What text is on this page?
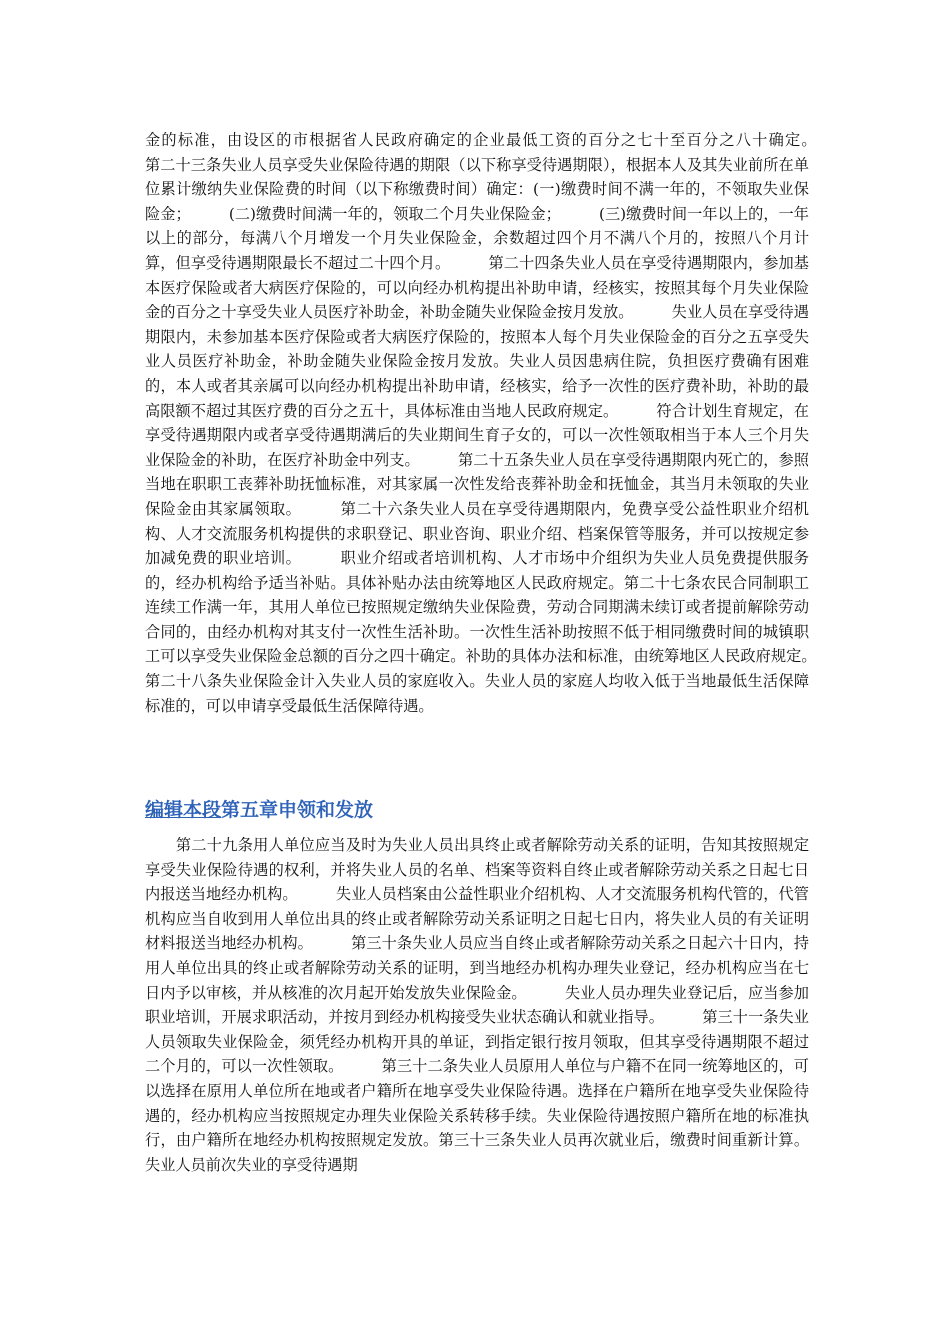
金的标准，由设区的市根据省人民政府确定的企业最低工资的百分之七十至百分之八十确定。　　　第二十三条失业人员享受失业保险待遇的期限（以下称享受待遇期限），根据本人及其失业前所在单位累计缴纳失业保险费的时间（以下称缴费时间）确定：(一)缴费时间不满一年的，不领取失业保险金；　　　(二)缴费时间满一年的，领取二个月失业保险金；　　　(三)缴费时间一年以上的，一年以上的部分，每满八个月增发一个月失业保险金，余数超过四个月不满八个月的，按照八个月计算，但享受待遇期限最长不超过二十四个月。　　　第二十四条失业人员在享受待遇期限内，参加基本医疗保险或者大病医疗保险的，可以向经办机构提出补助申请，经核实，按照其每个月失业保险金的百分之十享受失业人员医疗补助金，补助金随失业保险金按月发放。　　　失业人员在享受待遇期限内，未参加基本医疗保险或者大病医疗保险的，按照本人每个月失业保险金的百分之五享受失业人员医疗补助金，补助金随失业保险金按月发放。失业人员因患病住院，负担医疗费确有困难的，本人或者其亲属可以向经办机构提出补助申请，经核实，给予一次性的医疗费补助，补助的最高限额不超过其医疗费的百分之五十，具体标准由当地人民政府规定。　　　符合计划生育规定，在享受待遇期限内或者享受待遇期满后的失业期间生育子女的，可以一次性领取相当于本人三个月失业保险金的补助，在医疗补助金中列支。　　　第二十五条失业人员在享受待遇期限内死亡的，参照当地在职职工丧葬补助抚恤标准，对其家属一次性发给丧葬补助金和抚恤金，其当月未领取的失业保险金由其家属领取。　　　第二十六条失业人员在享受待遇期限内，免费享受公益性职业介绍机构、人才交流服务机构提供的求职登记、职业咨询、职业介绍、档案保管等服务，并可以按规定参加减免费的职业培训。　　　职业介绍或者培训机构、人才市场中介组织为失业人员免费提供服务的，经办机构给予适当补贴。具体补贴办法由统筹地区人民政府规定。第二十七条农民合同制职工连续工作满一年，其用人单位已按照规定缴纳失业保险费，劳动合同期满未续订或者提前解除劳动合同的，由经办机构对其支付一次性生活补助。一次性生活补助按照不低于相同缴费时间的城镇职工可以享受失业保险金总额的百分之四十确定。补助的具体办法和标准，由统筹地区人民政府规定。　　　第二十八条失业保险金计入失业人员的家庭收入。失业人员的家庭人均收入低于当地最低生活保障标准的，可以申请享受最低生活保障待遇。
编辑本段第五章申领和发放
　　第二十九条用人单位应当及时为失业人员出具终止或者解除劳动关系的证明，告知其按照规定享受失业保险待遇的权利，并将失业人员的名单、档案等资料自终止或者解除劳动关系之日起七日内报送当地经办机构。　　　失业人员档案由公益性职业介绍机构、人才交流服务机构代管的，代管机构应当自收到用人单位出具的终止或者解除劳动关系证明之日起七日内，将失业人员的有关证明材料报送当地经办机构。　　　第三十条失业人员应当自终止或者解除劳动关系之日起六十日内，持用人单位出具的终止或者解除劳动关系的证明，到当地经办机构办理失业登记，经办机构应当在七日内予以审核，并从核准的次月起开始发放失业保险金。　　　失业人员办理失业登记后，应当参加职业培训，开展求职活动，并按月到经办机构接受失业状态确认和就业指导。　　　第三十一条失业人员领取失业保险金，须凭经办机构开具的单证，到指定银行按月领取，但其享受待遇期限不超过二个月的，可以一次性领取。　　　第三十二条失业人员原用人单位与户籍不在同一统筹地区的，可以选择在原用人单位所在地或者户籍所在地享受失业保险待遇。选择在户籍所在地享受失业保险待遇的，经办机构应当按照规定办理失业保险关系转移手续。失业保险待遇按照户籍所在地的标准执行，由户籍所在地经办机构按照规定发放。第三十三条失业人员再次就业后，缴费时间重新计算。失业人员前次失业的享受待遇期
